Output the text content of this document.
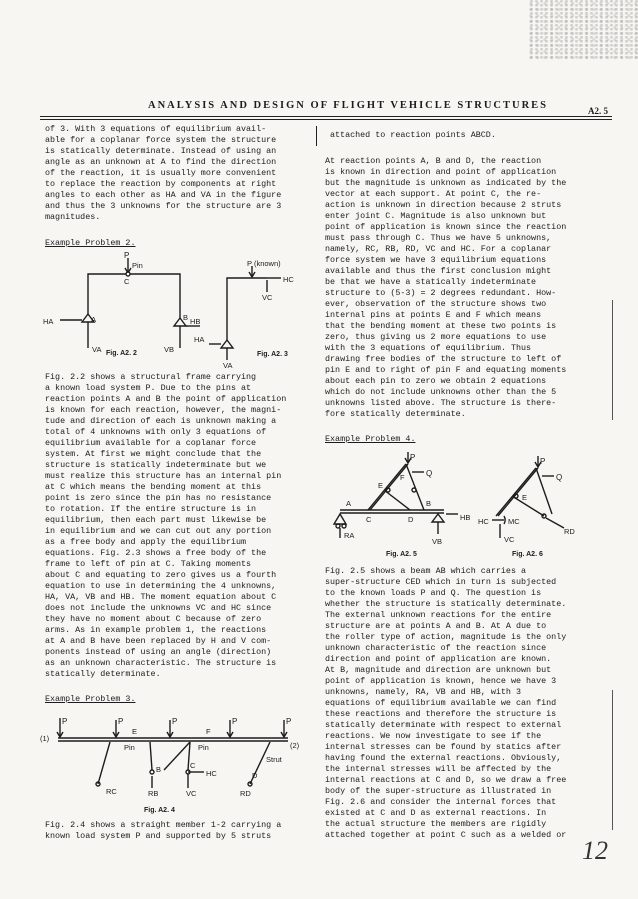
ANALYSIS AND DESIGN OF FLIGHT VEHICLE STRUCTURES	A2. 5

of 3. With 3 equations of equilibrium avail-

able for a coplanar force system the structure

is statically determinate. Instead of using an

angle as an unknown at A to find the direction

of the reaction, it is usually more convenient

to replace the reaction by components at right

angles to each other as HA and VA in the figure

and thus the 3 unknowns for the structure are 3

magnitudes.

Example Problem 2.

P
Pin
C
A	B
HA	HB
VA	VB
Fig. A2. 2
P (known)
HC
VC
HA
VA
Fig. A2. 3

Fig. 2.2 shows a structural frame carrying

a known load system P. Due to the pins at

reaction points A and B the point of application

is known for each reaction, however, the magni-

tude and direction of each is unknown making a

total of 4 unknowns with only 3 equations of

equilibrium available for a coplanar force

system. At first we might conclude that the

structure is statically indeterminate but we

must realize this structure has an internal pin

at C which means the bending moment at this

point is zero since the pin has no resistance

to rotation. If the entire structure is in

equilibrium, then each part must likewise be

in equilibrium and we can cut out any portion

as a free body and apply the equilibrium

equations. Fig. 2.3 shows a free body of the

frame to left of pin at C. Taking moments

about C and equating to zero gives us a fourth

equation to use in determining the 4 unknowns,

HA, VA, VB and HB. The moment equation about C

does not include the unknowns VC and HC since

they have no moment about C because of zero

arms. As in example problem 1, the reactions

at A and B have been replaced by H and V com-

ponents instead of using an angle (direction)

as an unknown characteristic. The structure is

statically determinate.

Example Problem 3.

(1)
(2)
P	P	P	P	P
E	F
Pin	Pin
B	C
D
HC
Strut
RC	RB	VC	RD
Fig. A2. 4

Fig. 2.4 shows a straight member 1-2 carrying a

known load system P and supported by 5 struts

attached to reaction points ABCD.

At reaction points A, B and D, the reaction

is known in direction and point of application

but the magnitude is unknown as indicated by the

vector at each support. At point C, the re-

action is unknown in direction because 2 struts

enter joint C. Magnitude is also unknown but

point of application is known since the reaction

must pass through C. Thus we have 5 unknowns,

namely, RC, RB, RD, VC and HC. For a coplanar

force system we have 3 equilibrium equations

available and thus the first conclusion might

be that we have a statically indeterminate

structure to (5-3) = 2 degrees redundant. How-

ever, observation of the structure shows two

internal pins at points E and F which means

that the bending moment at these two points is

zero, thus giving us 2 more equations to use

with the 3 equations of equilibrium. Thus

drawing free bodies of the structure to left of

pin E and to right of pin F and equating moments

about each pin to zero we obtain 2 equations

which do not include unknowns other than the 5

unknowns listed above. The structure is there-

fore statically determinate.

Example Problem 4.

P
Q
F
E
A	B
C	D	HB
RA
VB
Fig. A2. 5
P
Q
E
HC	MC
RD
VC
Fig. A2. 6

Fig. 2.5 shows a beam AB which carries a

super-structure CED which in turn is subjected

to the known loads P and Q. The question is

whether the structure is statically determinate.

The external unknown reactions for the entire

structure are at points A and B. At A due to

the roller type of action, magnitude is the only

unknown characteristic of the reaction since

direction and point of application are known.

At B, magnitude and direction are unknown but

point of application is known, hence we have 3

unknowns, namely, RA, VB and HB, with 3

equations of equilibrium available we can find

these reactions and therefore the structure is

statically determinate with respect to external

reactions. We now investigate to see if the

internal stresses can be found by statics after

having found the external reactions. Obviously,

the internal stresses will be affected by the

internal reactions at C and D, so we draw a free

body of the super-structure as illustrated in

Fig. 2.6 and consider the internal forces that

existed at C and D as external reactions. In

the actual structure the members are rigidly

attached together at point C such as a welded or

12
